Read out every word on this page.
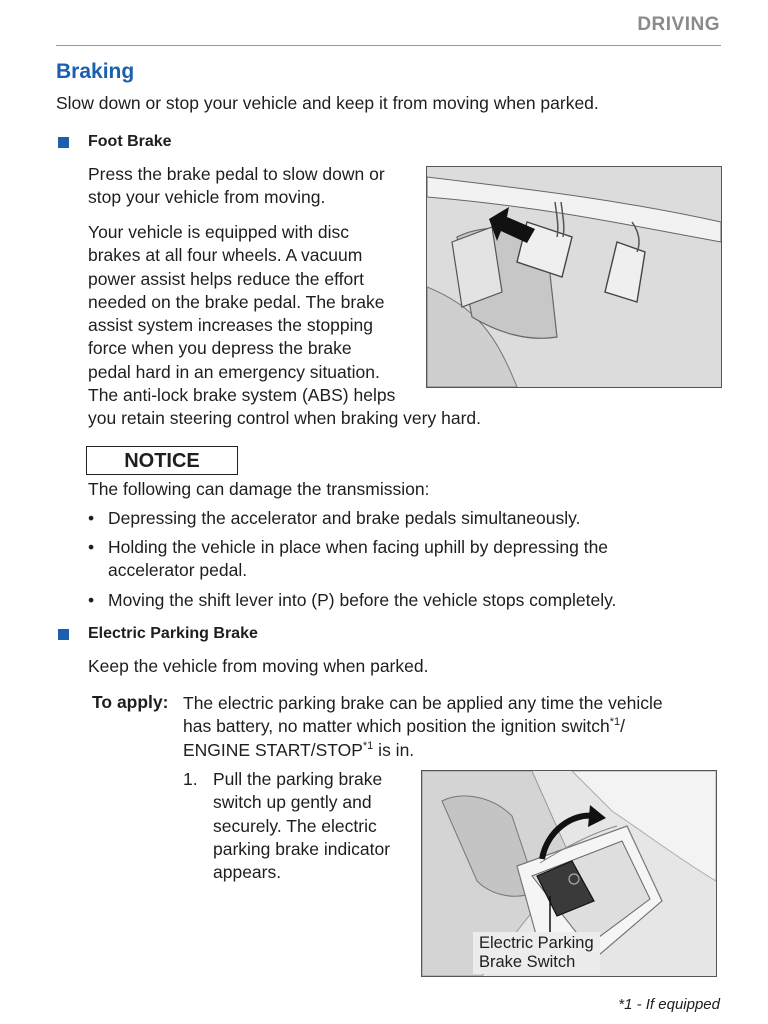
DRIVING
Braking
Slow down or stop your vehicle and keep it from moving when parked.
Foot Brake
Press the brake pedal to slow down or
stop your vehicle from moving.
Your vehicle is equipped with disc
brakes at all four wheels. A vacuum
power assist helps reduce the effort
needed on the brake pedal. The brake
assist system increases the stopping
force when you depress the brake
pedal hard in an emergency situation.
The anti-lock brake system (ABS) helps
you retain steering control when braking very hard.
NOTICE
The following can damage the transmission:
• Depressing the accelerator and brake pedals simultaneously.
• Holding the vehicle in place when facing uphill by depressing the
accelerator pedal.
• Moving the shift lever into (P) before the vehicle stops completely.
Electric Parking Brake
Keep the vehicle from moving when parked.
To apply: The electric parking brake can be applied any time the vehicle
has battery, no matter which position the ignition switch$^{*1}$/
ENGINE START/STOP$^{*1}$ is in.
1. Pull the parking brake
switch up gently and
securely. The electric
parking brake indicator
appears.
Electric Parking
Brake Switch
*1 - If equipped
